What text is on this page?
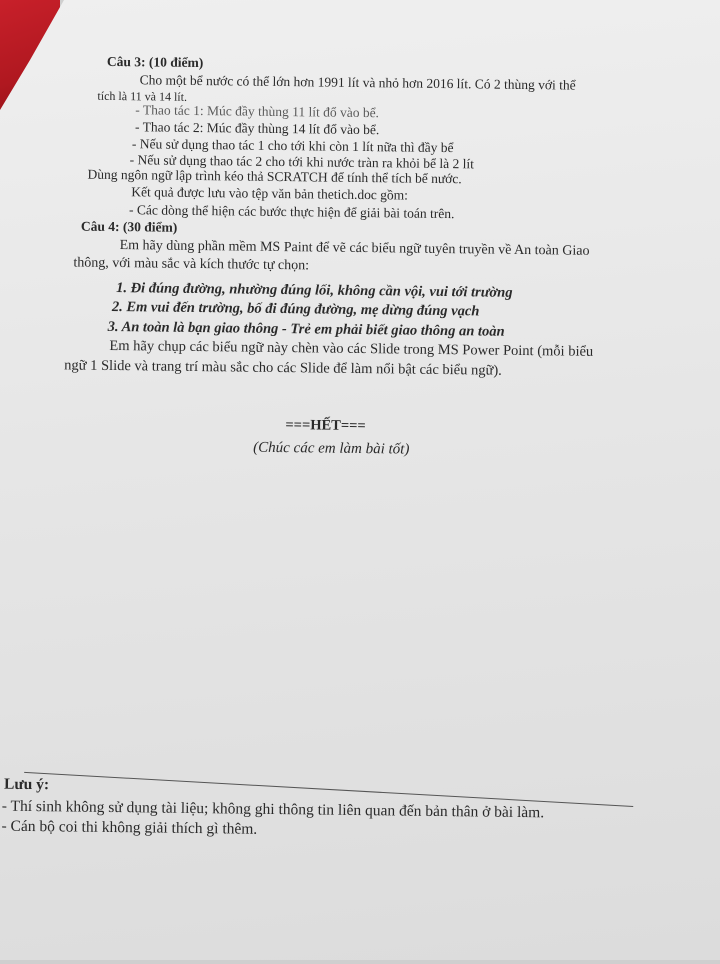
Câu 3: (10 điểm)
Cho một bể nước có thể lớn hơn 1991 lít và nhỏ hơn 2016 lít. Có 2 thùng với thể
tích là 11 và 14 lít.
- Thao tác 1: Múc đầy thùng 11 lít đổ vào bể.
- Thao tác 2: Múc đầy thùng 14 lít đổ vào bể.
- Nếu sử dụng thao tác 1 cho tới khi còn 1 lít nữa thì đầy bể
- Nếu sử dụng thao tác 2 cho tới khi nước tràn ra khỏi bể là 2 lít
Dùng ngôn ngữ lập trình kéo thả SCRATCH để tính thể tích bể nước.
Kết quả được lưu vào tệp văn bản thetich.doc gồm:
- Các dòng thể hiện các bước thực hiện để giải bài toán trên.
Câu 4: (30 điểm)
Em hãy dùng phần mềm MS Paint để vẽ các biểu ngữ tuyên truyền về An toàn Giao
thông, với màu sắc và kích thước tự chọn:
1. Đi đúng đường, nhường đúng lối, không cần vội, vui tới trường
2. Em vui đến trường, bố đi đúng đường, mẹ dừng đúng vạch
3. An toàn là bạn giao thông - Trẻ em phải biết giao thông an toàn
Em hãy chụp các biểu ngữ này chèn vào các Slide trong MS Power Point (mỗi biểu
ngữ 1 Slide và trang trí màu sắc cho các Slide để làm nổi bật các biểu ngữ).
===HẾT===
(Chúc các em làm bài tốt)
Lưu ý:
- Thí sinh không sử dụng tài liệu; không ghi thông tin liên quan đến bản thân ở bài làm.
- Cán bộ coi thi không giải thích gì thêm.
